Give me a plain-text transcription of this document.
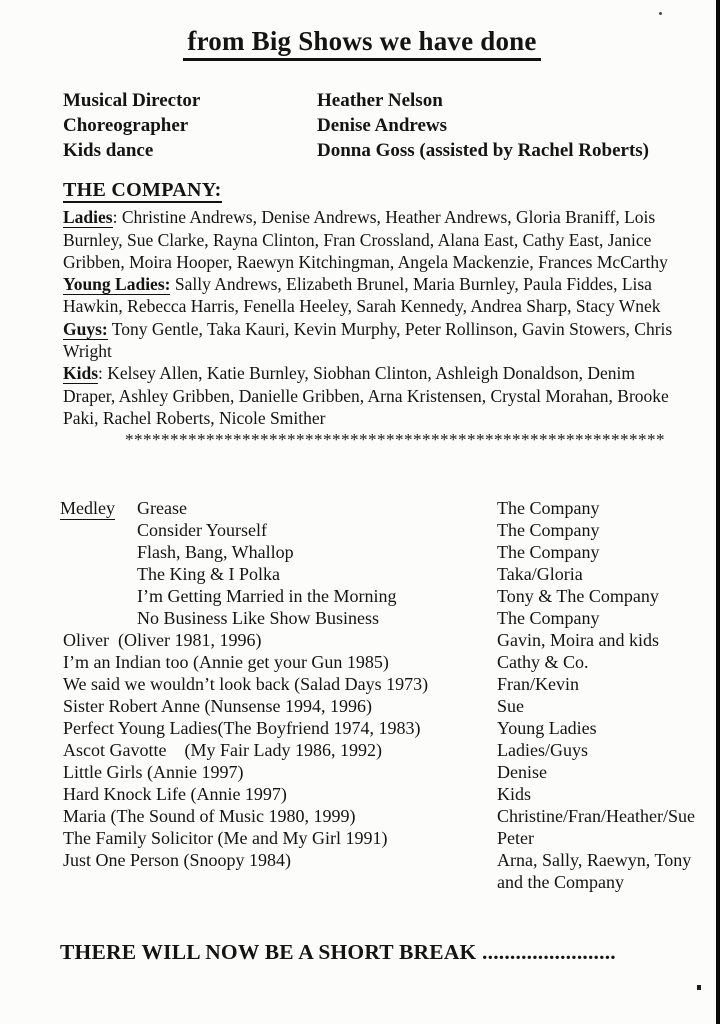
from Big Shows we have done
Musical Director	Heather Nelson
Choreographer	Denise Andrews
Kids dance	Donna Goss (assisted by Rachel Roberts)
THE COMPANY:

Ladies: Christine Andrews, Denise Andrews, Heather Andrews, Gloria Braniff, Lois Burnley, Sue Clarke, Rayna Clinton, Fran Crossland, Alana East, Cathy East, Janice Gribben, Moira Hooper, Raewyn Kitchingman, Angela Mackenzie, Frances McCarthy

Young Ladies: Sally Andrews, Elizabeth Brunel, Maria Burnley, Paula Fiddes, Lisa Hawkin, Rebecca Harris, Fenella Heeley, Sarah Kennedy, Andrea Sharp, Stacy Wnek

Guys: Tony Gentle, Taka Kauri, Kevin Murphy, Peter Rollinson, Gavin Stowers, Chris Wright

Kids: Kelsey Allen, Katie Burnley, Siobhan Clinton, Ashleigh Donaldson, Denim Draper, Ashley Gribben, Danielle Gribben, Arna Kristensen, Crystal Morahan, Brooke Paki, Rachel Roberts, Nicole Smither

************************************************************

Medley	Grease	The Company
Consider Yourself	The Company
Flash, Bang, Whallop	The Company
The King & I Polka	Taka/Gloria
I’m Getting Married in the Morning	Tony & The Company
No Business Like Show Business	The Company
Oliver  (Oliver 1981, 1996)	Gavin, Moira and kids
I’m an Indian too (Annie get your Gun 1985)	Cathy & Co.
We said we wouldn’t look back (Salad Days 1973)	Fran/Kevin
Sister Robert Anne (Nunsense 1994, 1996)	Sue
Perfect Young Ladies(The Boyfriend 1974, 1983)	Young Ladies
Ascot Gavotte    (My Fair Lady 1986, 1992)	Ladies/Guys
Little Girls (Annie 1997)	Denise
Hard Knock Life (Annie 1997)	Kids
Maria (The Sound of Music 1980, 1999)	Christine/Fran/Heather/Sue
The Family Solicitor (Me and My Girl 1991)	Peter
Just One Person (Snoopy 1984)	Arna, Sally, Raewyn, Tony and the Company
THERE WILL NOW BE A SHORT BREAK ........................
